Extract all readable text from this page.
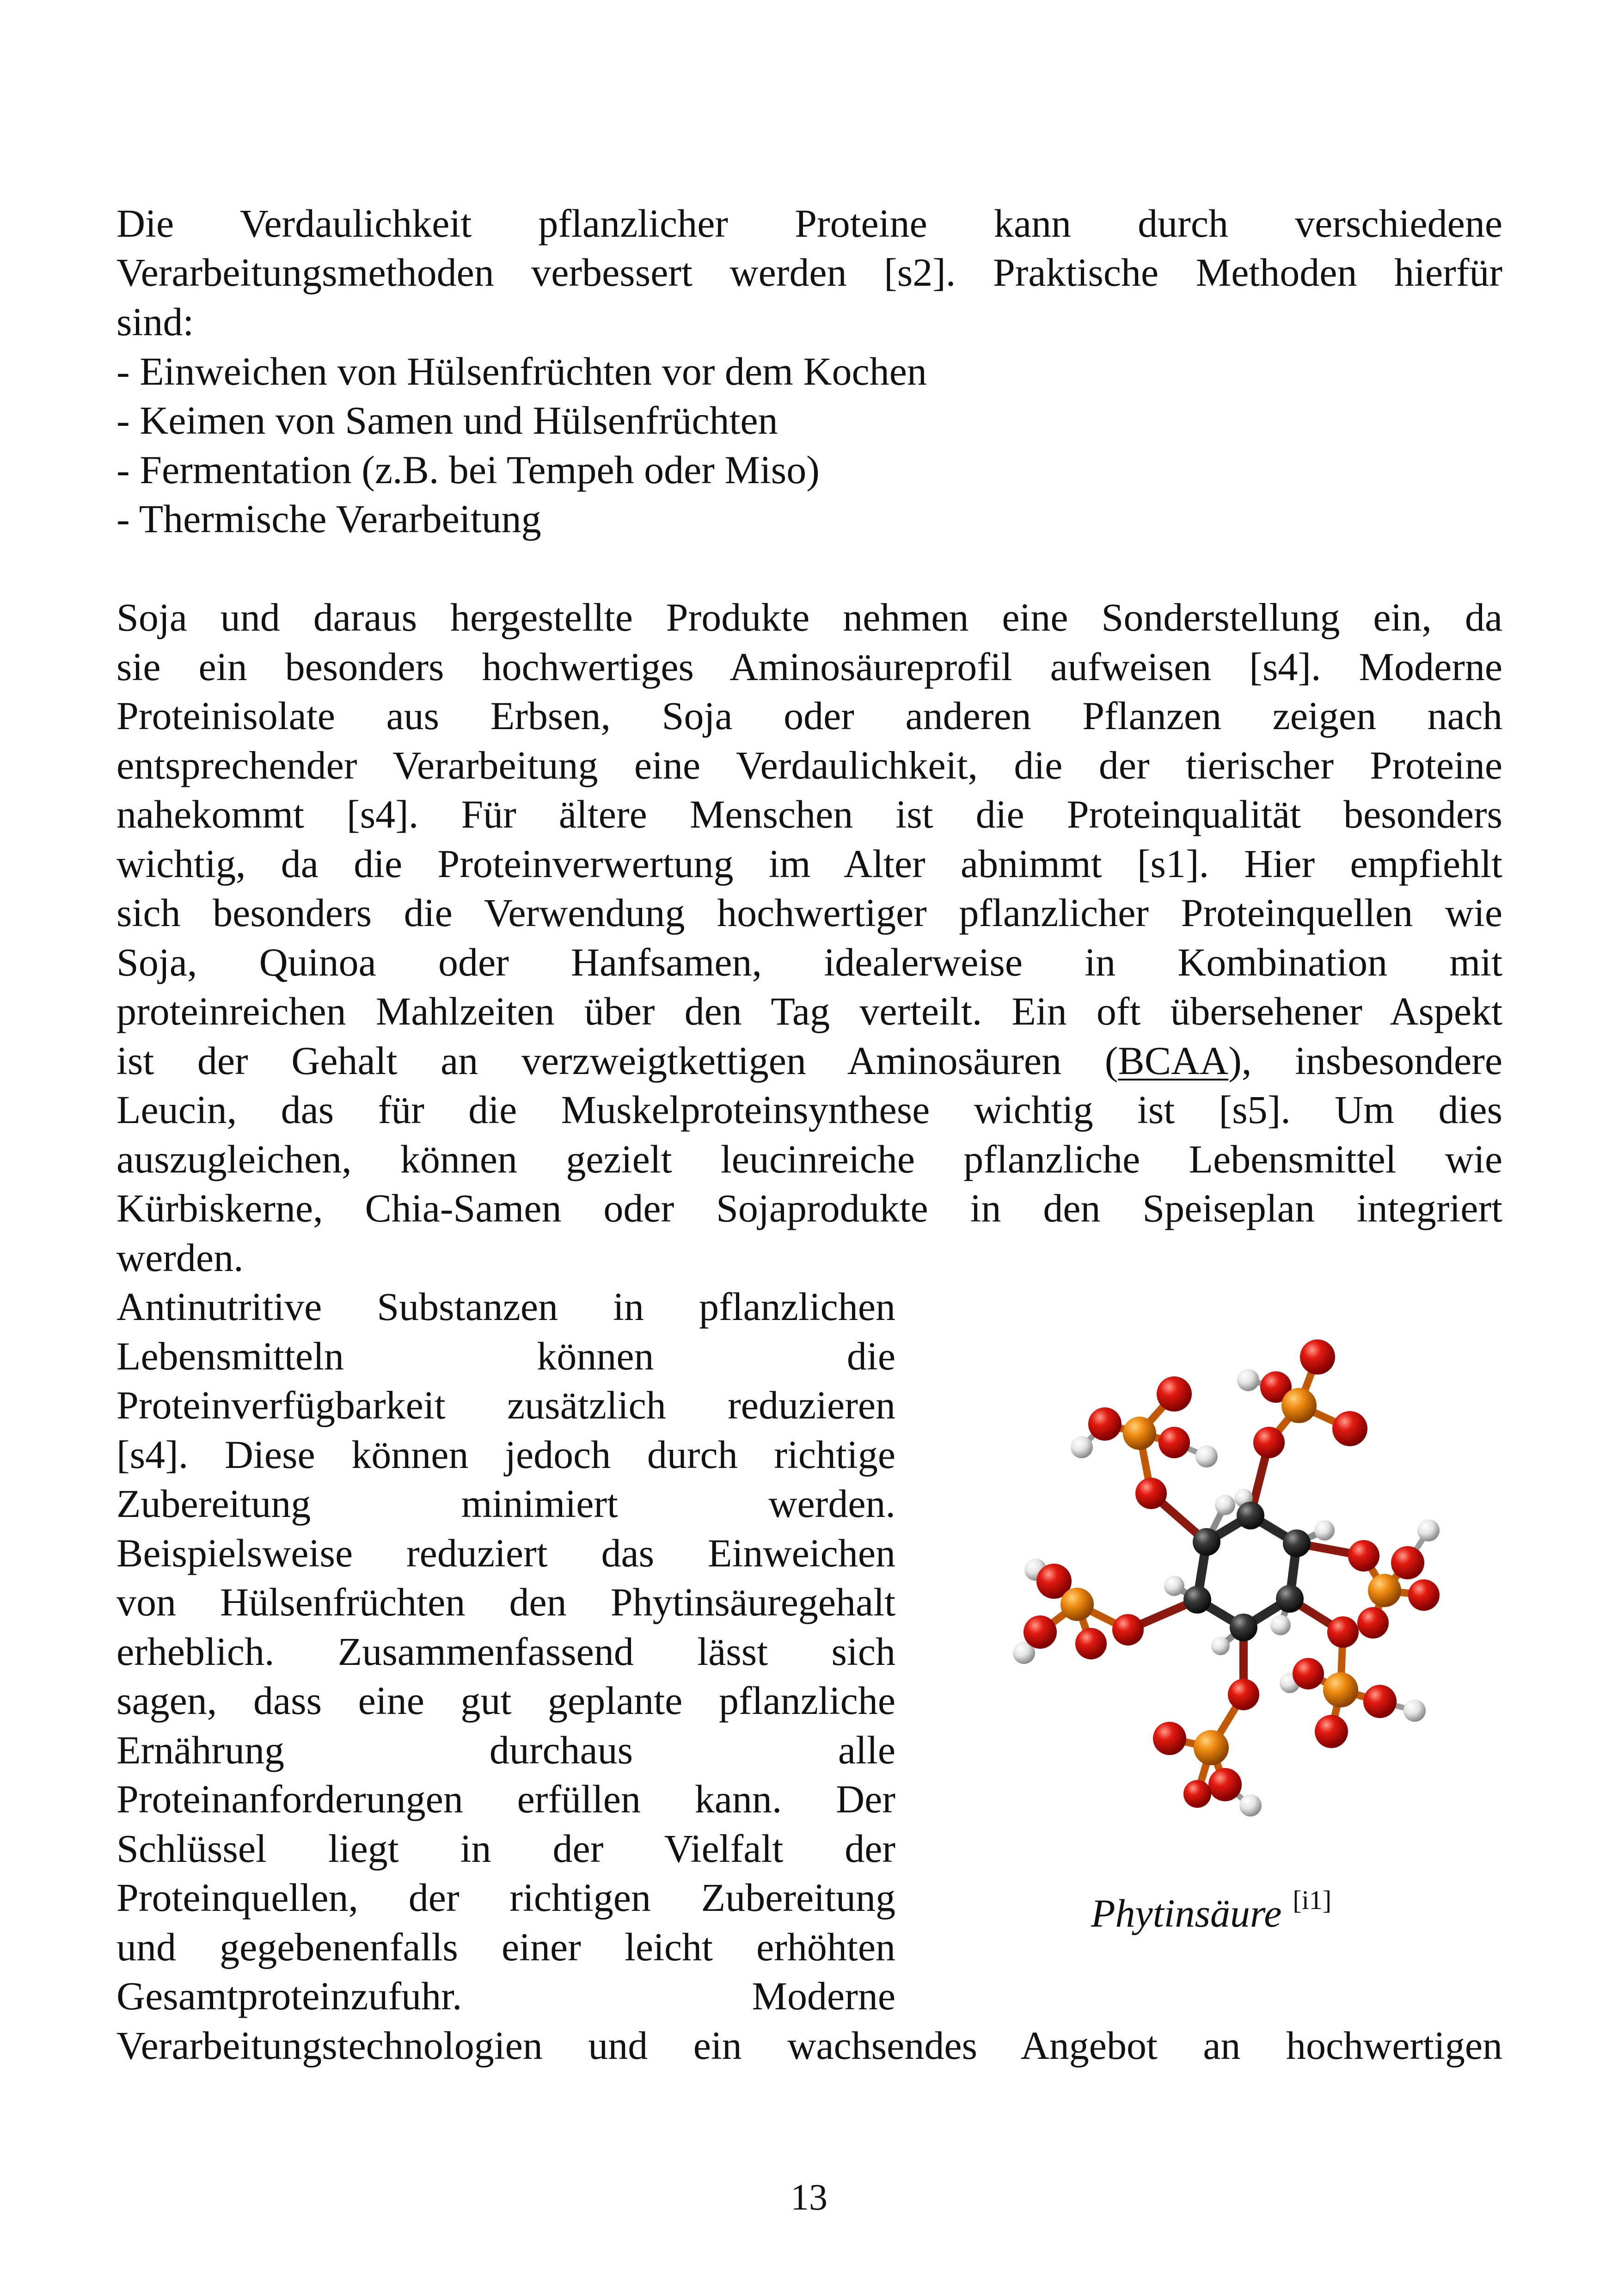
Die Verdaulichkeit pflanzlicher Proteine kann durch verschiedene
Verarbeitungsmethoden verbessert werden [s2]. Praktische Methoden hierfür
sind:
- Einweichen von Hülsenfrüchten vor dem Kochen
- Keimen von Samen und Hülsenfrüchten
- Fermentation (z.B. bei Tempeh oder Miso)
- Thermische Verarbeitung
Soja und daraus hergestellte Produkte nehmen eine Sonderstellung ein, da
sie ein besonders hochwertiges Aminosäureprofil aufweisen [s4]. Moderne
Proteinisolate aus Erbsen, Soja oder anderen Pflanzen zeigen nach
entsprechender Verarbeitung eine Verdaulichkeit, die der tierischer Proteine
nahekommt [s4]. Für ältere Menschen ist die Proteinqualität besonders
wichtig, da die Proteinverwertung im Alter abnimmt [s1]. Hier empfiehlt
sich besonders die Verwendung hochwertiger pflanzlicher Proteinquellen wie
Soja, Quinoa oder Hanfsamen, idealerweise in Kombination mit
proteinreichen Mahlzeiten über den Tag verteilt. Ein oft übersehener Aspekt
ist der Gehalt an verzweigtkettigen Aminosäuren (BCAA), insbesondere
Leucin, das für die Muskelproteinsynthese wichtig ist [s5]. Um dies
auszugleichen, können gezielt leucinreiche pflanzliche Lebensmittel wie
Kürbiskerne, Chia-Samen oder Sojaprodukte in den Speiseplan integriert
werden.
Antinutritive Substanzen in pflanzlichen
Lebensmitteln können die
Proteinverfügbarkeit zusätzlich reduzieren
[s4]. Diese können jedoch durch richtige
Zubereitung minimiert werden.
Beispielsweise reduziert das Einweichen
von Hülsenfrüchten den Phytinsäuregehalt
erheblich. Zusammenfassend lässt sich
sagen, dass eine gut geplante pflanzliche
Ernährung durchaus alle
Proteinanforderungen erfüllen kann. Der
Schlüssel liegt in der Vielfalt der
Proteinquellen, der richtigen Zubereitung
und gegebenenfalls einer leicht erhöhten
Gesamtproteinzufuhr. Moderne
Verarbeitungstechnologien und ein wachsendes Angebot an hochwertigen
Phytinsäure [i1]
13
